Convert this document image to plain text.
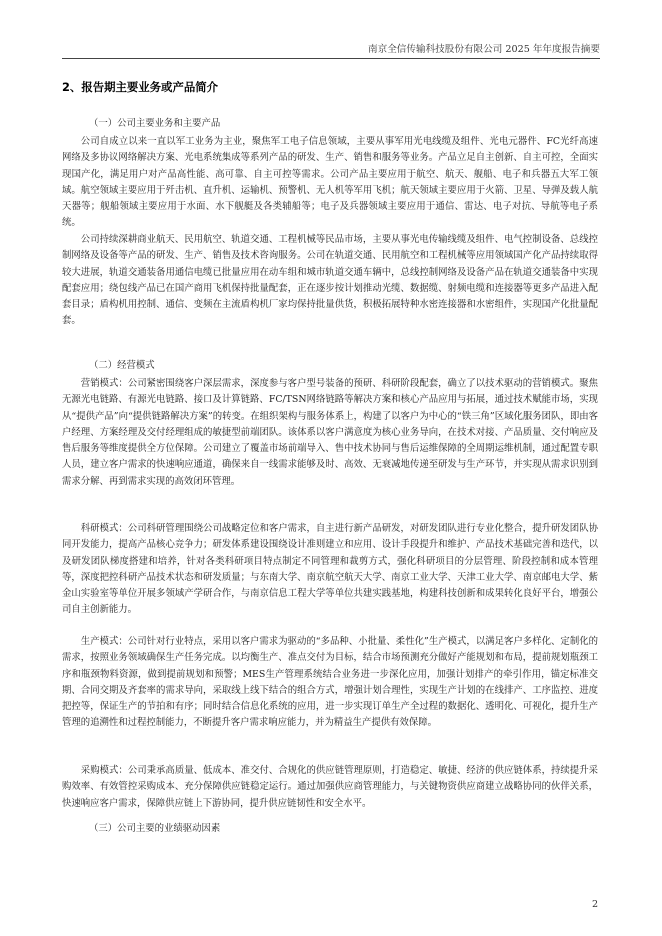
南京全信传输科技股份有限公司 2025 年年度报告摘要
2、报告期主要业务或产品简介
（一）公司主要业务和主要产品

公司自成立以来一直以军工业务为主业，聚焦军工电子信息领域，主要从事军用光电线缆及组件、光电元器件、FC光纤高速网络及多协议网络解决方案、光电系统集成等系列产品的研发、生产、销售和服务等业务。产品立足自主创新、自主可控，全面实现国产化，满足用户对产品高性能、高可靠、自主可控等需求。公司产品主要应用于航空、航天、舰船、电子和兵器五大军工领域。航空领域主要应用于歼击机、直升机、运输机、预警机、无人机等军用飞机；航天领域主要应用于火箭、卫星、导弹及载人航天器等；舰船领域主要应用于水面、水下舰艇及各类辅船等；电子及兵器领域主要应用于通信、雷达、电子对抗、导航等电子系统。

公司持续深耕商业航天、民用航空、轨道交通、工程机械等民品市场，主要从事光电传输线缆及组件、电气控制设备、总线控制网络及设备等产品的研发、生产、销售及技术咨询服务。公司在轨道交通、民用航空和工程机械等应用领域国产化产品持续取得较大进展，轨道交通装备用通信电缆已批量应用在动车组和城市轨道交通车辆中，总线控制网络及设备产品在轨道交通装备中实现配套应用；绕包线产品已在国产商用飞机保持批量配套，正在逐步按计划推动光缆、数据缆、射频电缆和连接器等更多产品进入配套目录；盾构机用控制、通信、变频在主流盾构机厂家均保持批量供货，积极拓展特种水密连接器和水密组件，实现国产化批量配套。

（二）经营模式

营销模式：公司紧密围绕客户深层需求，深度参与客户型号装备的预研、科研阶段配套，确立了以技术驱动的营销模式。聚焦无源光电链路、有源光电链路、接口及计算链路、FC/TSN网络链路等解决方案和核心产品应用与拓展，通过技术赋能市场，实现从“提供产品”向“提供链路解决方案”的转变。在组织架构与服务体系上，构建了以客户为中心的“铁三角”区域化服务团队，即由客户经理、方案经理及交付经理组成的敏捷型前端团队。该体系以客户满意度为核心业务导向，在技术对接、产品质量、交付响应及售后服务等维度提供全方位保障。公司建立了覆盖市场前端导入、售中技术协同与售后运维保障的全周期运维机制，通过配置专职人员，建立客户需求的快速响应通道，确保来自一线需求能够及时、高效、无衰减地传递至研发与生产环节，并实现从需求识别到需求分解、再到需求实现的高效闭环管理。

科研模式：公司科研管理围绕公司战略定位和客户需求，自主进行新产品研发，对研发团队进行专业化整合，提升研发团队协同开发能力，提高产品核心竞争力；研发体系建设围绕设计准则建立和应用、设计手段提升和维护、产品技术基础完善和迭代，以及研发团队梯度搭建和培养，针对各类科研项目特点制定不同管理和裁剪方式，强化科研项目的分层管理、阶段控制和成本管理等，深度把控科研产品技术状态和研发质量；与东南大学、南京航空航天大学、南京工业大学、天津工业大学、南京邮电大学、紫金山实验室等单位开展多领域产学研合作，与南京信息工程大学等单位共建实践基地，构建科技创新和成果转化良好平台，增强公司自主创新能力。

生产模式：公司针对行业特点，采用以客户需求为驱动的“多品种、小批量、柔性化”生产模式，以满足客户多样化、定制化的需求，按照业务领域确保生产任务完成。以均衡生产、准点交付为目标，结合市场预测充分做好产能规划和布局，提前规划瓶颈工序和瓶颈物料资源，做到提前规划和预警；MES生产管理系统结合业务进一步深化应用，加强计划排产的牵引作用，锚定标准交期、合同交期及齐套率的需求导向，采取线上线下结合的组合方式，增强计划合理性，实现生产计划的在线排产、工序监控、进度把控等，保证生产的节拍和有序；同时结合信息化系统的应用，进一步实现订单生产全过程的数据化、透明化、可视化，提升生产管理的追溯性和过程控制能力，不断提升客户需求响应能力，并为精益生产提供有效保障。

采购模式：公司秉承高质量、低成本、准交付、合规化的供应链管理原则，打造稳定、敏捷、经济的供应链体系，持续提升采购效率、有效管控采购成本、充分保障供应链稳定运行。通过加强供应商管理能力，与关键物资供应商建立战略协同的伙伴关系，快速响应客户需求，保障供应链上下游协同，提升供应链韧性和安全水平。

（三）公司主要的业绩驱动因素
2
